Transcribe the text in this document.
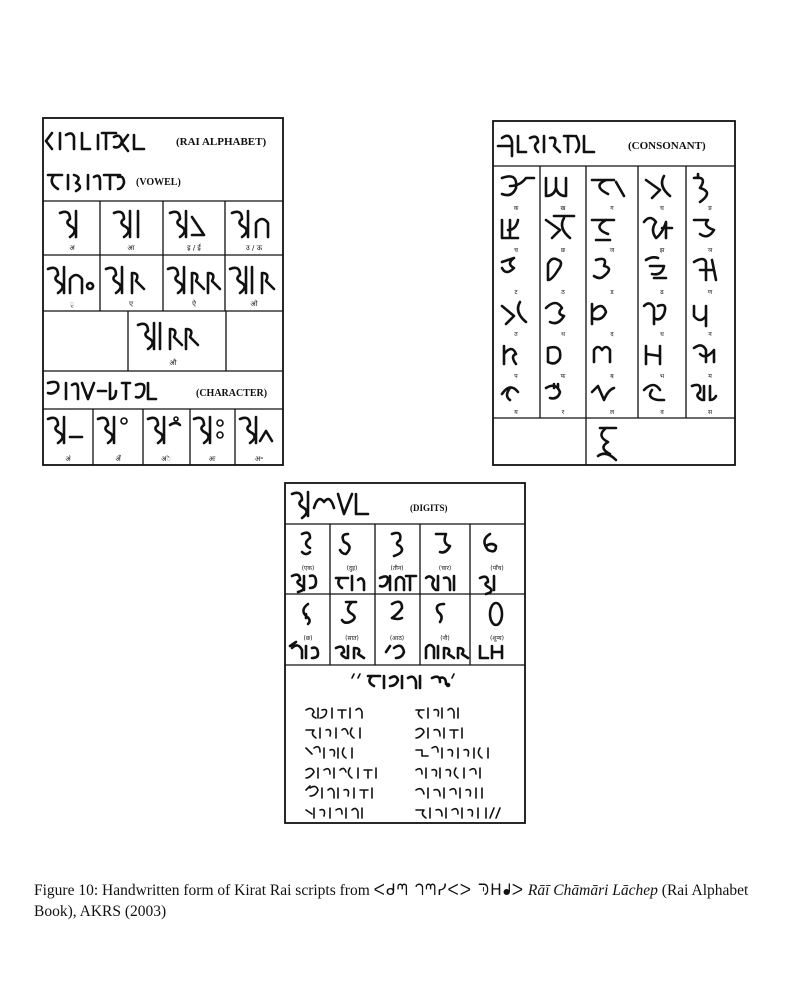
(RAI ALPHABET)
(VOWEL)
अ	आ	इ / ई	उ / ऊ
ृ	ए	ऐ	ओ
औ
(CHARACTER)
अं	अँ	अॆ	अः	अ॰
(CONSONANT)
क	ख	ग	घ	ङ
च	छ	ज	झ	ञ
ट	ठ	ड	ढ	ण
त	थ	द	ध	न
प	फ	ब	भ	म
य	र	ल	व	स
(DIGITS)
(एक)	(दुइ)	(तीन)	(चार)	(पाँच)
(छ)	(सात)	(आठ)	(नौ)	(शून्य)
Figure 10: Handwritten form of Kirat Rai scripts from ᐸᑯᘉ ᘃᘉᓯᐸᐳ ᘅᕼᖱᐳ Rāī Chāmāri Lāchep (Rai Alphabet Book), AKRS (2003)
